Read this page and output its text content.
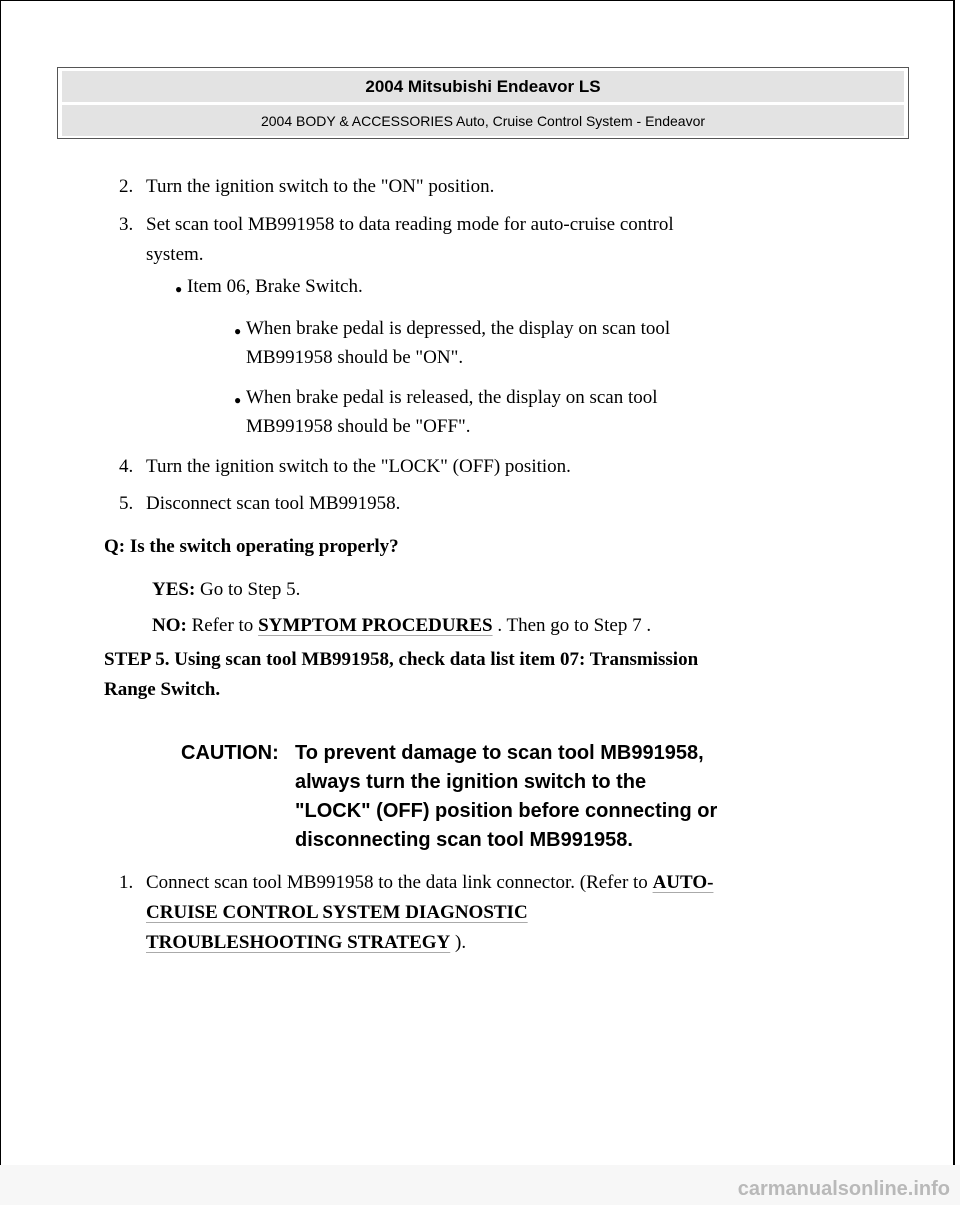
2004 Mitsubishi Endeavor LS
2004 BODY & ACCESSORIES Auto, Cruise Control System - Endeavor
2. Turn the ignition switch to the "ON" position.
3. Set scan tool MB991958 to data reading mode for auto-cruise control
system.
● Item 06, Brake Switch.
● When brake pedal is depressed, the display on scan tool
MB991958 should be "ON".
● When brake pedal is released, the display on scan tool
MB991958 should be "OFF".
4. Turn the ignition switch to the "LOCK" (OFF) position.
5. Disconnect scan tool MB991958.
Q: Is the switch operating properly?
YES: Go to Step 5.
NO: Refer to SYMPTOM PROCEDURES . Then go to Step 7 .
STEP 5. Using scan tool MB991958, check data list item 07: Transmission
Range Switch.
CAUTION: To prevent damage to scan tool MB991958,
always turn the ignition switch to the
"LOCK" (OFF) position before connecting or
disconnecting scan tool MB991958.
1. Connect scan tool MB991958 to the data link connector. (Refer to AUTO-
CRUISE CONTROL SYSTEM DIAGNOSTIC
TROUBLESHOOTING STRATEGY ).
carmanualsonline.info
